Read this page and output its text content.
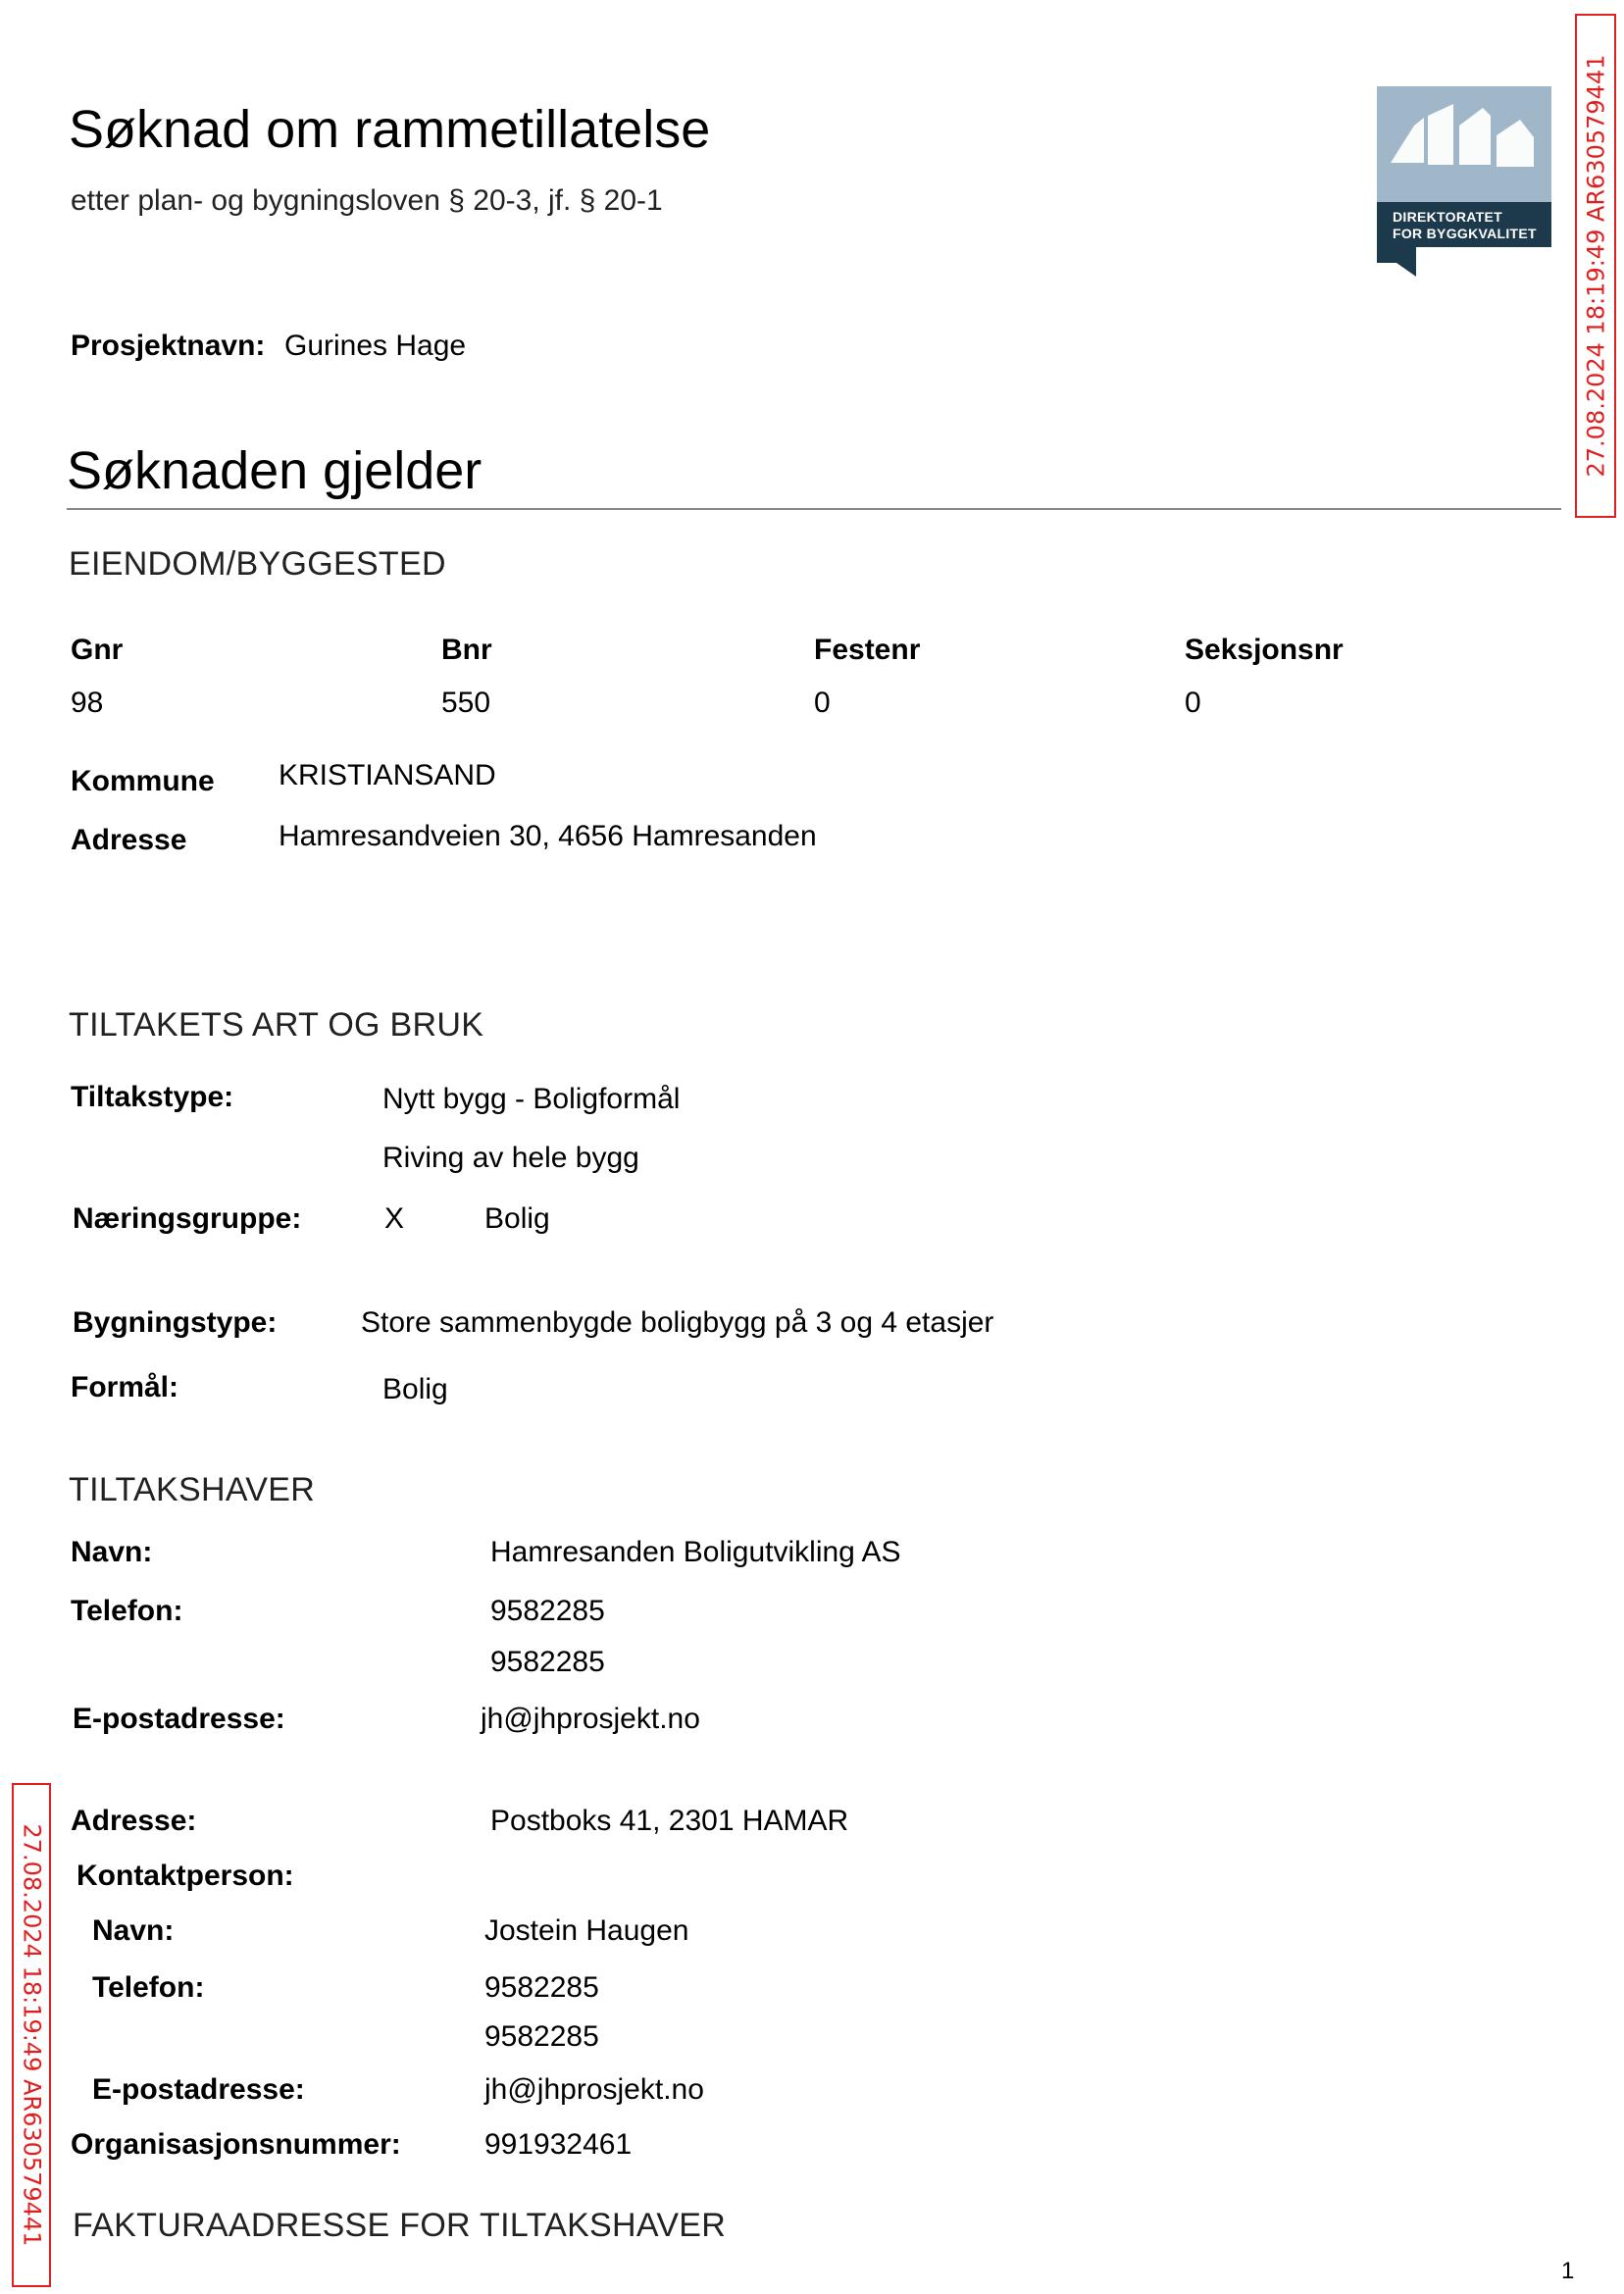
Søknad om rammetillatelse
etter plan- og bygningsloven § 20-3, jf. § 20-1	DIREKTORATET
FOR BYGGKVALITET 27.08.2024 18:19:49 AR630579441
27.08.2024 18:19:49 AR630579441
Prosjektnavn: Gurines Hage
Søknaden gjelder
EIENDOM/BYGGESTED
Gnr	Bnr	Festenr	Seksjonsnr
98	550	0	0
Kommune KRISTIANSAND
Adresse	Hamresandveien 30, 4656 Hamresanden
TILTAKETS ART OG BRUK
Tiltakstype:	Nytt bygg - Boligformål
Riving av hele bygg
Næringsgruppe:	X	Bolig
Bygningstype:	Store sammenbygde boligbygg på 3 og 4 etasjer
Formål:	Bolig
TILTAKSHAVER
Navn:	Hamresanden Boligutvikling AS
Telefon:	9582285
9582285
E-postadresse:	jh@jhprosjekt.no
Adresse:	Postboks 41, 2301 HAMAR
Kontaktperson:
Navn:	Jostein Haugen
Telefon:	9582285
9582285
E-postadresse:	jh@jhprosjekt.no
Organisasjonsnummer:	991932461
FAKTURAADRESSE FOR TILTAKSHAVER
1
